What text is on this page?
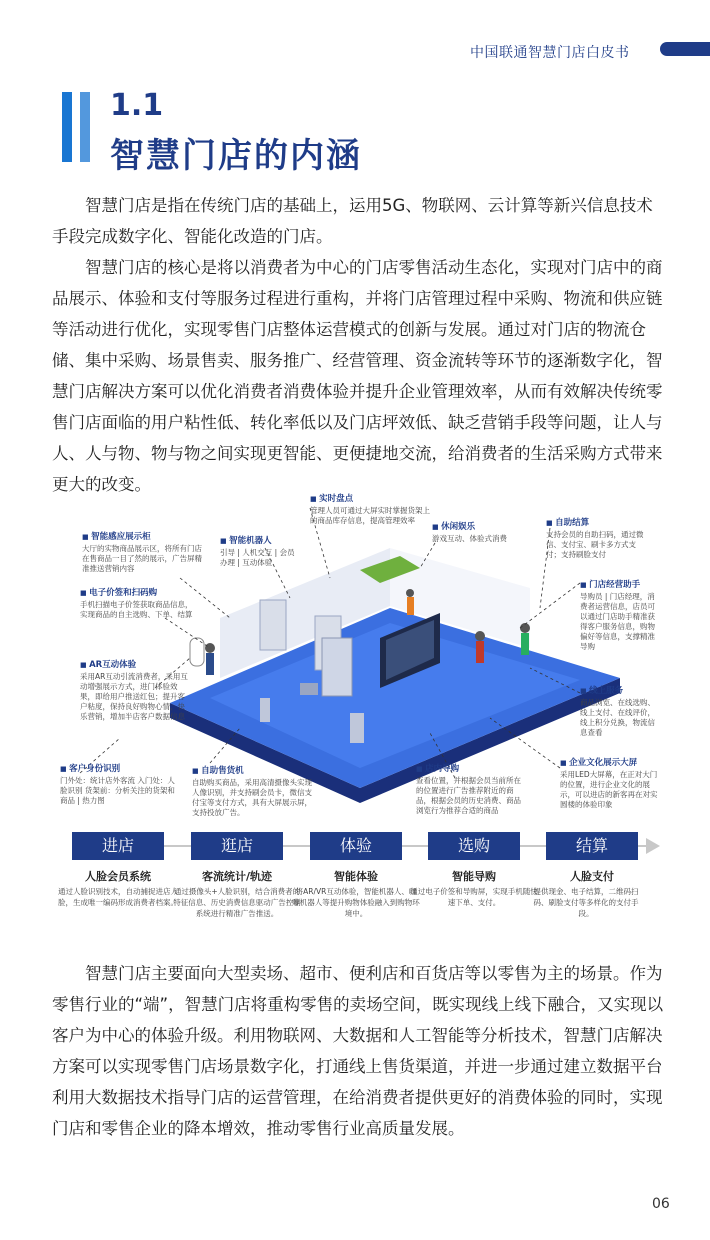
中国联通智慧门店白皮书
1.1
智慧门店的内涵

智慧门店是指在传统门店的基础上，运用5G、物联网、云计算等新兴信息技术手段完成数字化、智能化改造的门店。

智慧门店的核心是将以消费者为中心的门店零售活动生态化，实现对门店中的商品展示、体验和支付等服务过程进行重构，并将门店管理过程中采购、物流和供应链等活动进行优化，实现零售门店整体运营模式的创新与发展。通过对门店的物流仓储、集中采购、场景售卖、服务推广、经营管理、资金流转等环节的逐渐数字化，智慧门店解决方案可以优化消费者消费体验并提升企业管理效率，从而有效解决传统零售门店面临的用户粘性低、转化率低以及门店坪效低、缺乏营销手段等问题，让人与人、人与物、物与物之间实现更智能、更便捷地交流，给消费者的生活采购方式带来更大的改变。

■ 实时盘点
管理人员可通过大屏实时掌握货架上的商品库存信息，提高管理效率
■ 智能感应展示柜
大厅的实物商品展示区，将所有门店在售商品一目了然的展示，广告屏精准推送营销内容
■ 智能机器人
引导 | 人机交互 | 会员办理 | 互动体验
■ 休闲娱乐
游戏互动、体验式消费
■ 自助结算
支持会员的自助扫码，通过微信、支付宝、刷卡多方式支付；支持刷脸支付
■ 电子价签和扫码购
手机扫描电子价签获取商品信息，实现商品的自主选购、下单、结算
■ 门店经营助手
导购员 | 门店经理，消费者运营信息，店员可以通过门店助手精准获得客户服务信息，购物偏好等信息，支撑精准导购
■ AR互动体验
采用AR互动引流消费者，采用互动增强展示方式，进门体验效果，即给用户推送红包；提升客户粘度，保持良好购物心情，快乐营销，增加半店客户数据信息
■ 线上服务
商品浏览、在线选购、线上支付、在线评价，线上积分兑换，物流信息查看
■ 客户身份识别
门外处：统计店外客流 入门处：人脸识别 货架前：分析关注的货架和商品 | 热力图
■ 自助售货机
自助购买商品，采用高清摄像头实现人像识别，并支持刷会员卡，微信支付宝等支付方式，具有大屏展示屏，支持投放广告。
■ 店内导购
查看位置，并根据会员当前所在的位置进行广告推荐附近的商品，根据会员的历史消费、商品浏览行为推荐合适的商品
■ 企业文化展示大屏
采用LED大屏幕，在正对大门的位置，进行企业文化的展示，可以进店的新客再在对实圆楼的体验印象
进店	逛店	体验	选购	结算
人脸会员系统	客流统计/轨迹	智能体验	智能导购	人脸支付
通过人脸识别技术，自动捕捉进店人脸，生成唯一编码形成消费者档案。
通过摄像头+人脸识别，结合消费者的特征信息、历史消费信息驱动广告控制系统进行精准广告推送。
将AR/VR互动体验，智能机器人、咖啡机器人等提升购物体验融入到购物环境中。
通过电子价签和导购屏，实现手机随快速下单、支付。
提供现金、电子结算，二维码扫码、刷脸支付等多样化的支付手段。

智慧门店主要面向大型卖场、超市、便利店和百货店等以零售为主的场景。作为零售行业的“端”，智慧门店将重构零售的卖场空间，既实现线上线下融合，又实现以客户为中心的体验升级。利用物联网、大数据和人工智能等分析技术，智慧门店解决方案可以实现零售门店场景数字化，打通线上售货渠道，并进一步通过建立数据平台利用大数据技术指导门店的运营管理，在给消费者提供更好的消费体验的同时，实现门店和零售企业的降本增效，推动零售行业高质量发展。

06
